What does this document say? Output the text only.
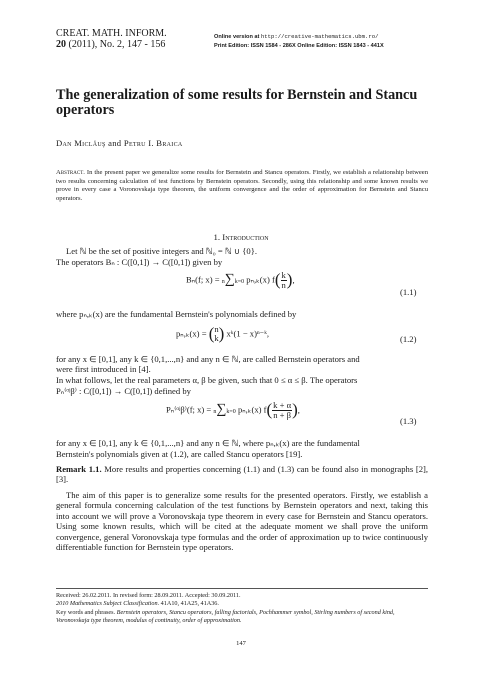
CREAT. MATH. INFORM.
20 (2011), No. 2, 147 - 156
Online version at http://creative-mathematics.ubm.ro/
Print Edition: ISSN 1584 - 286X Online Edition: ISSN 1843 - 441X
The generalization of some results for Bernstein and Stancu operators
Dan Miclăuş and Petru I. Braica
Abstract. In the present paper we generalize some results for Bernstein and Stancu operators. Firstly, we establish a relationship between two results concerning calculation of test functions by Bernstein operators. Secondly, using this relationship and some known results we prove in every case a Voronovskaja type theorem, the uniform convergence and the order of approximation for Bernstein and Stancu operators.
1. Introduction
Let ℕ be the set of positive integers and ℕ₀ = ℕ ∪ {0}.
The operators Bₙ : C([0,1]) → C([0,1]) given by
Bₙ(f; x) = n∑k=0 pₙ,ₖ(x) $f( \frac{k}{n}$ ),
(1.1)
where pₙ,ₖ(x) are the fundamental Bernstein's polynomials defined by
pₙ,ₖ(x) = ( n
k ) xᵏ(1 − x)ⁿ⁻ᵏ,
(1.2)
for any x ∈ [0,1], any k ∈ {0,1,...,n} and any n ∈ ℕ, are called Bernstein operators and
were first introduced in [4].
In what follows, let the real parameters α, β be given, such that 0 ≤ α ≤ β. The operators
Pₙ⁽ᵅʲβ⁾ : C([0,1]) → C([0,1]) defined by
Pₙ⁽ᵅʲβ⁾(f; x) = n∑k=0 pₙ,ₖ(x) $f( \frac{k + \alpha}{n + \beta}$ ),
(1.3)
for any x ∈ [0,1], any k ∈ {0,1,...,n} and any n ∈ ℕ, where pₙ,ₖ(x) are the fundamental
Bernstein's polynomials given at (1.2), are called Stancu operators [19].
Remark 1.1. More results and properties concerning (1.1) and (1.3) can be found also in monographs [2], [3].
The aim of this paper is to generalize some results for the presented operators. Firstly, we establish a general formula concerning calculation of the test functions by Bernstein operators and next, taking this into account we will prove a Voronovskaja type theorem in every case for Bernstein and Stancu operators. Using some known results, which will be cited at the adequate moment we shall prove the uniform convergence, general Voronovskaja type formulas and the order of approximation up to twice continuously differentiable function for Bernstein type operators.
Received: 26.02.2011. In revised form: 28.09.2011. Accepted: 30.09.2011.
2010 Mathematics Subject Classification. 41A10, 41A25, 41A36.
Key words and phrases. Bernstein operators, Stancu operators, falling factorials, Pochhammer symbol, Stirling numbers of second kind, Voronovskaja type theorem, modulus of continuity, order of approximation.
147
